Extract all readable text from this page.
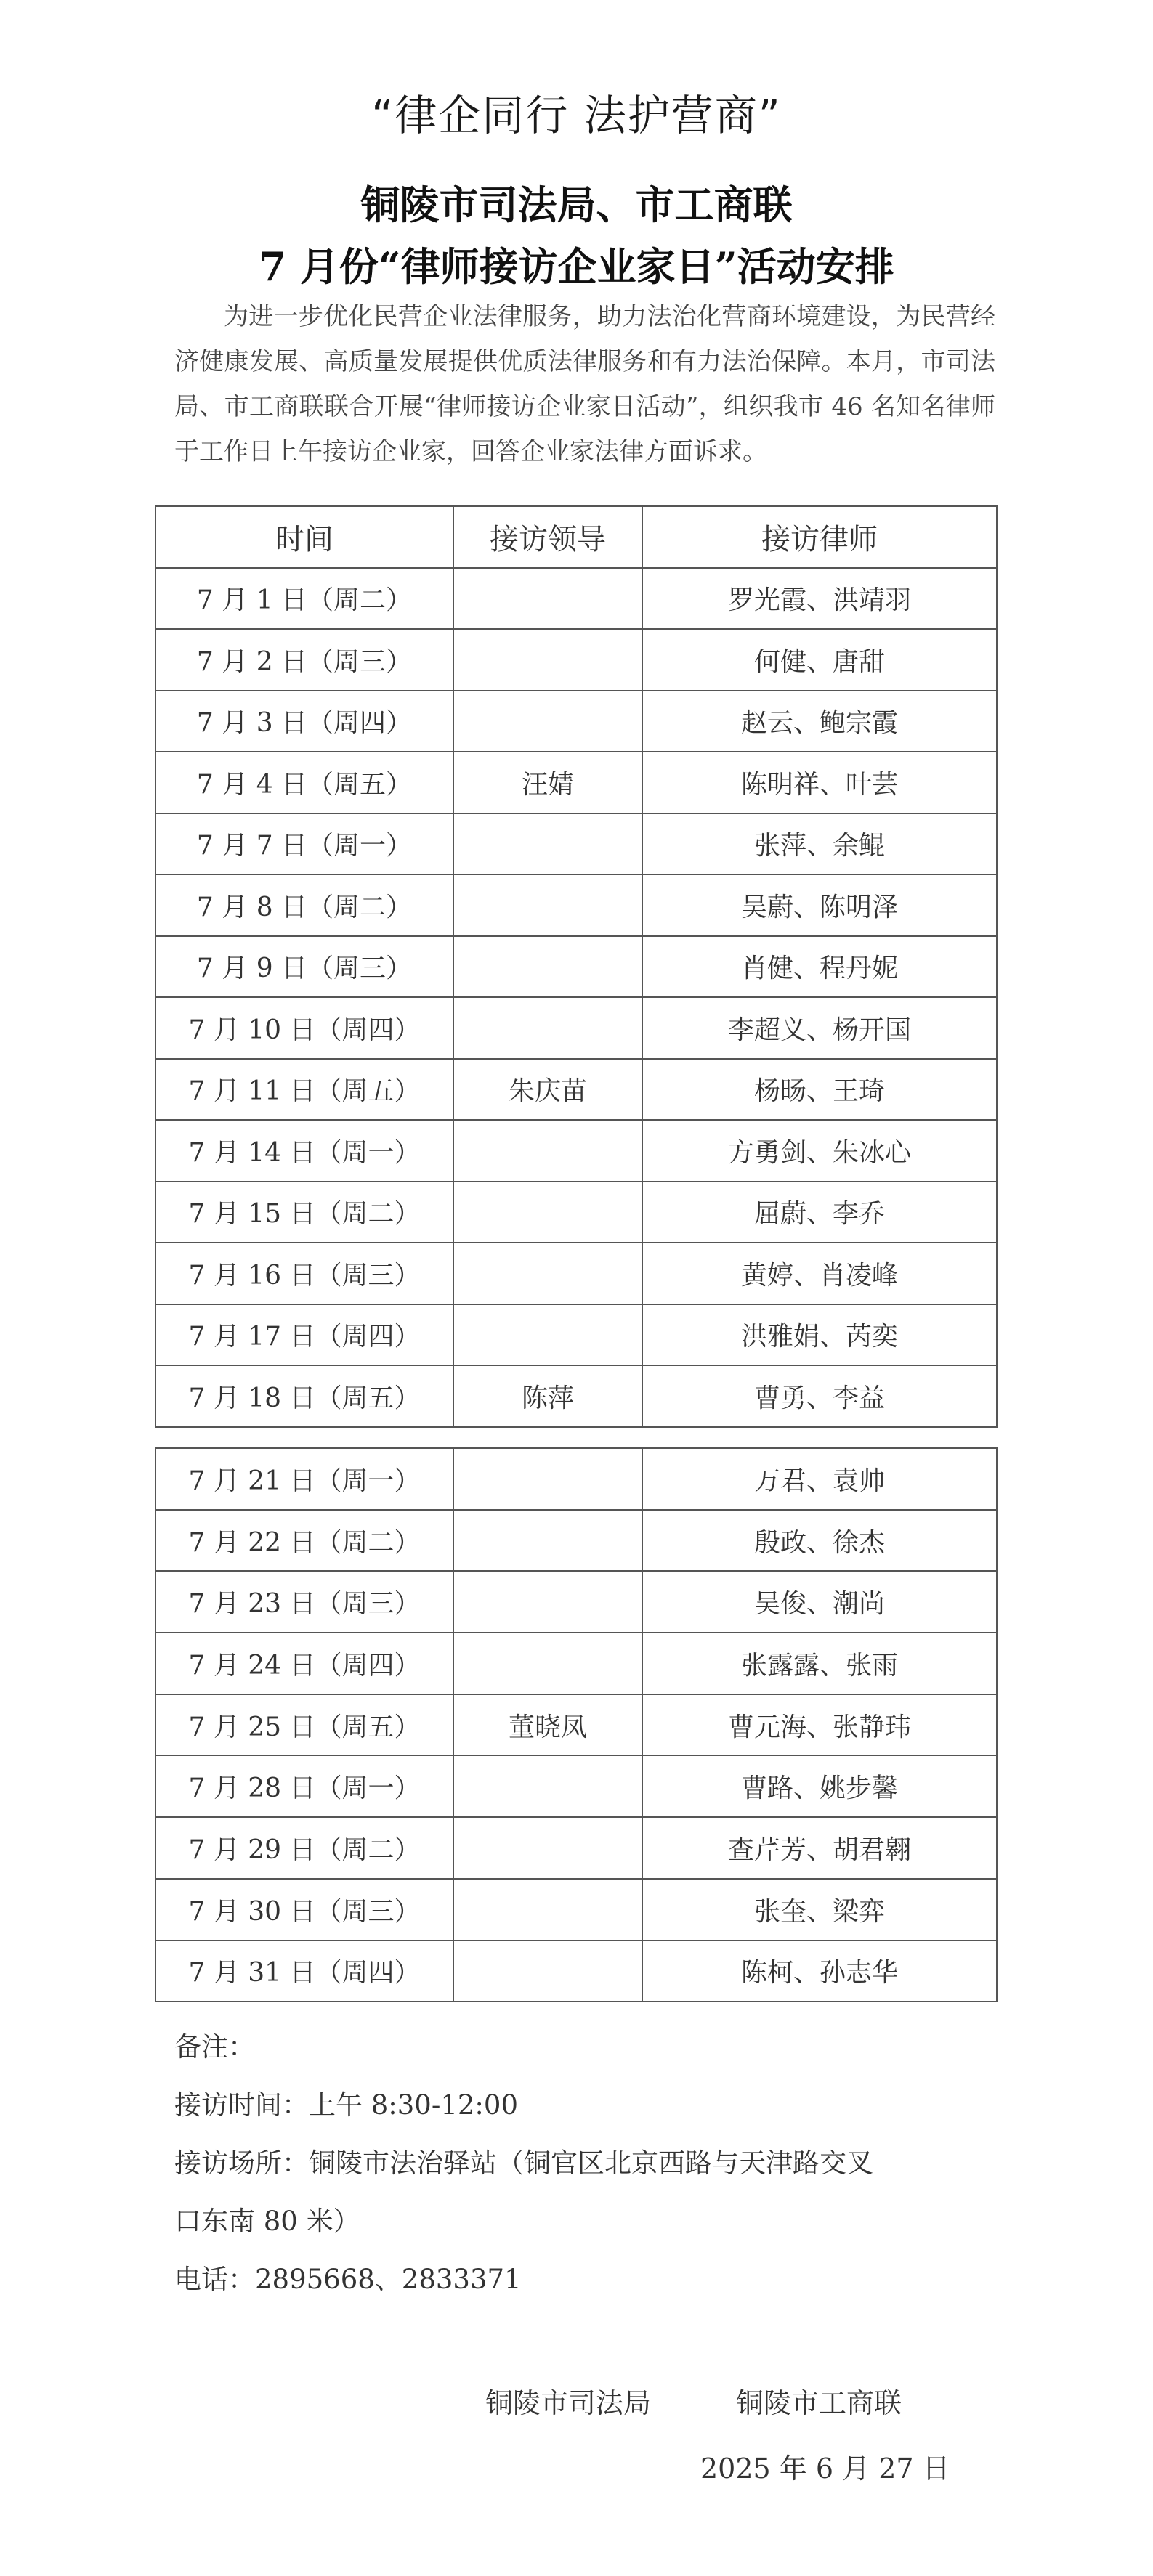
“律企同行 法护营商”
铜陵市司法局、市工商联
7 月份“律师接访企业家日”活动安排

为进一步优化民营企业法律服务，助力法治化营商环境建设，为民营经济健康发展、高质量发展提供优质法律服务和有力法治保障。本月，市司法局、市工商联联合开展“律师接访企业家日活动”，组织我市 46 名知名律师于工作日上午接访企业家，回答企业家法律方面诉求。

时间	接访领导	接访律师
7 月 1 日（周二）		罗光霞、洪靖羽
7 月 2 日（周三）		何健、唐甜
7 月 3 日（周四）		赵云、鲍宗霞
7 月 4 日（周五）	汪婧	陈明祥、叶芸
7 月 7 日（周一）		张萍、余鲲
7 月 8 日（周二）		吴蔚、陈明泽
7 月 9 日（周三）		肖健、程丹妮
7 月 10 日（周四）		李超义、杨开国
7 月 11 日（周五）	朱庆苗	杨旸、王琦
7 月 14 日（周一）		方勇剑、朱冰心
7 月 15 日（周二）		屈蔚、李乔
7 月 16 日（周三）		黄婷、肖凌峰
7 月 17 日（周四）		洪雅娟、芮奕
7 月 18 日（周五）	陈萍	曹勇、李益
7 月 21 日（周一）		万君、袁帅
7 月 22 日（周二）		殷政、徐杰
7 月 23 日（周三）		吴俊、潮尚
7 月 24 日（周四）		张露露、张雨
7 月 25 日（周五）	董晓凤	曹元海、张静玮
7 月 28 日（周一）		曹路、姚步馨
7 月 29 日（周二）		查芹芳、胡君翱
7 月 30 日（周三）		张奎、梁弈
7 月 31 日（周四）		陈柯、孙志华
备注：
接访时间：上午 8:30-12:00
接访场所：铜陵市法治驿站（铜官区北京西路与天津路交叉
口东南 80 米）
电话：2895668、2833371
铜陵市司法局	铜陵市工商联
2025 年 6 月 27 日
